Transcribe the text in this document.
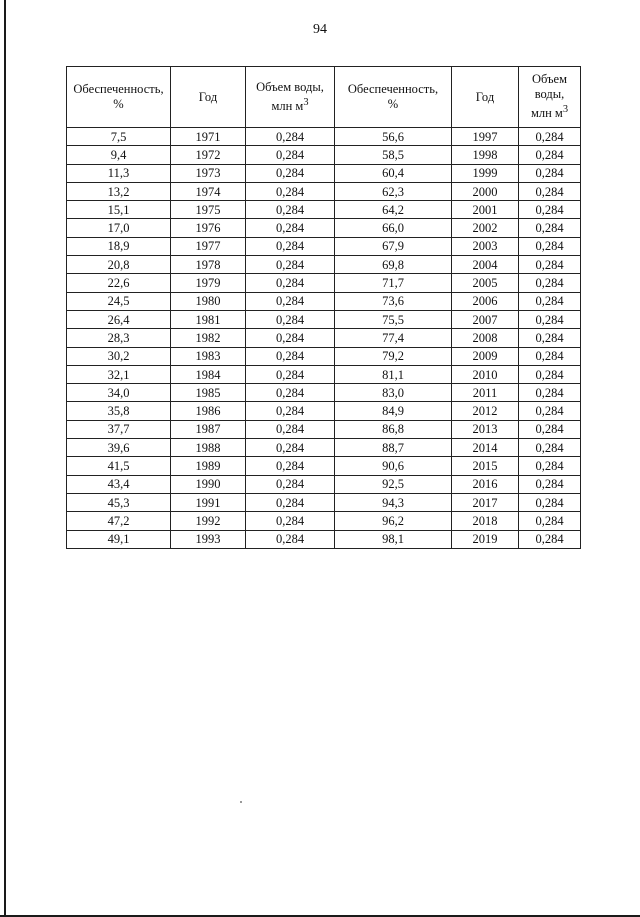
94
Обеспеченность,
%	Год	Объем воды,
млн $м^3$	Обеспеченность,
%	Год	Объем воды,
млн $м^3$
7,5	1971	0,284	56,6	1997	0,284
9,4	1972	0,284	58,5	1998	0,284
11,3	1973	0,284	60,4	1999	0,284
13,2	1974	0,284	62,3	2000	0,284
15,1	1975	0,284	64,2	2001	0,284
17,0	1976	0,284	66,0	2002	0,284
18,9	1977	0,284	67,9	2003	0,284
20,8	1978	0,284	69,8	2004	0,284
22,6	1979	0,284	71,7	2005	0,284
24,5	1980	0,284	73,6	2006	0,284
26,4	1981	0,284	75,5	2007	0,284
28,3	1982	0,284	77,4	2008	0,284
30,2	1983	0,284	79,2	2009	0,284
32,1	1984	0,284	81,1	2010	0,284
34,0	1985	0,284	83,0	2011	0,284
35,8	1986	0,284	84,9	2012	0,284
37,7	1987	0,284	86,8	2013	0,284
39,6	1988	0,284	88,7	2014	0,284
41,5	1989	0,284	90,6	2015	0,284
43,4	1990	0,284	92,5	2016	0,284
45,3	1991	0,284	94,3	2017	0,284
47,2	1992	0,284	96,2	2018	0,284
49,1	1993	0,284	98,1	2019	0,284
